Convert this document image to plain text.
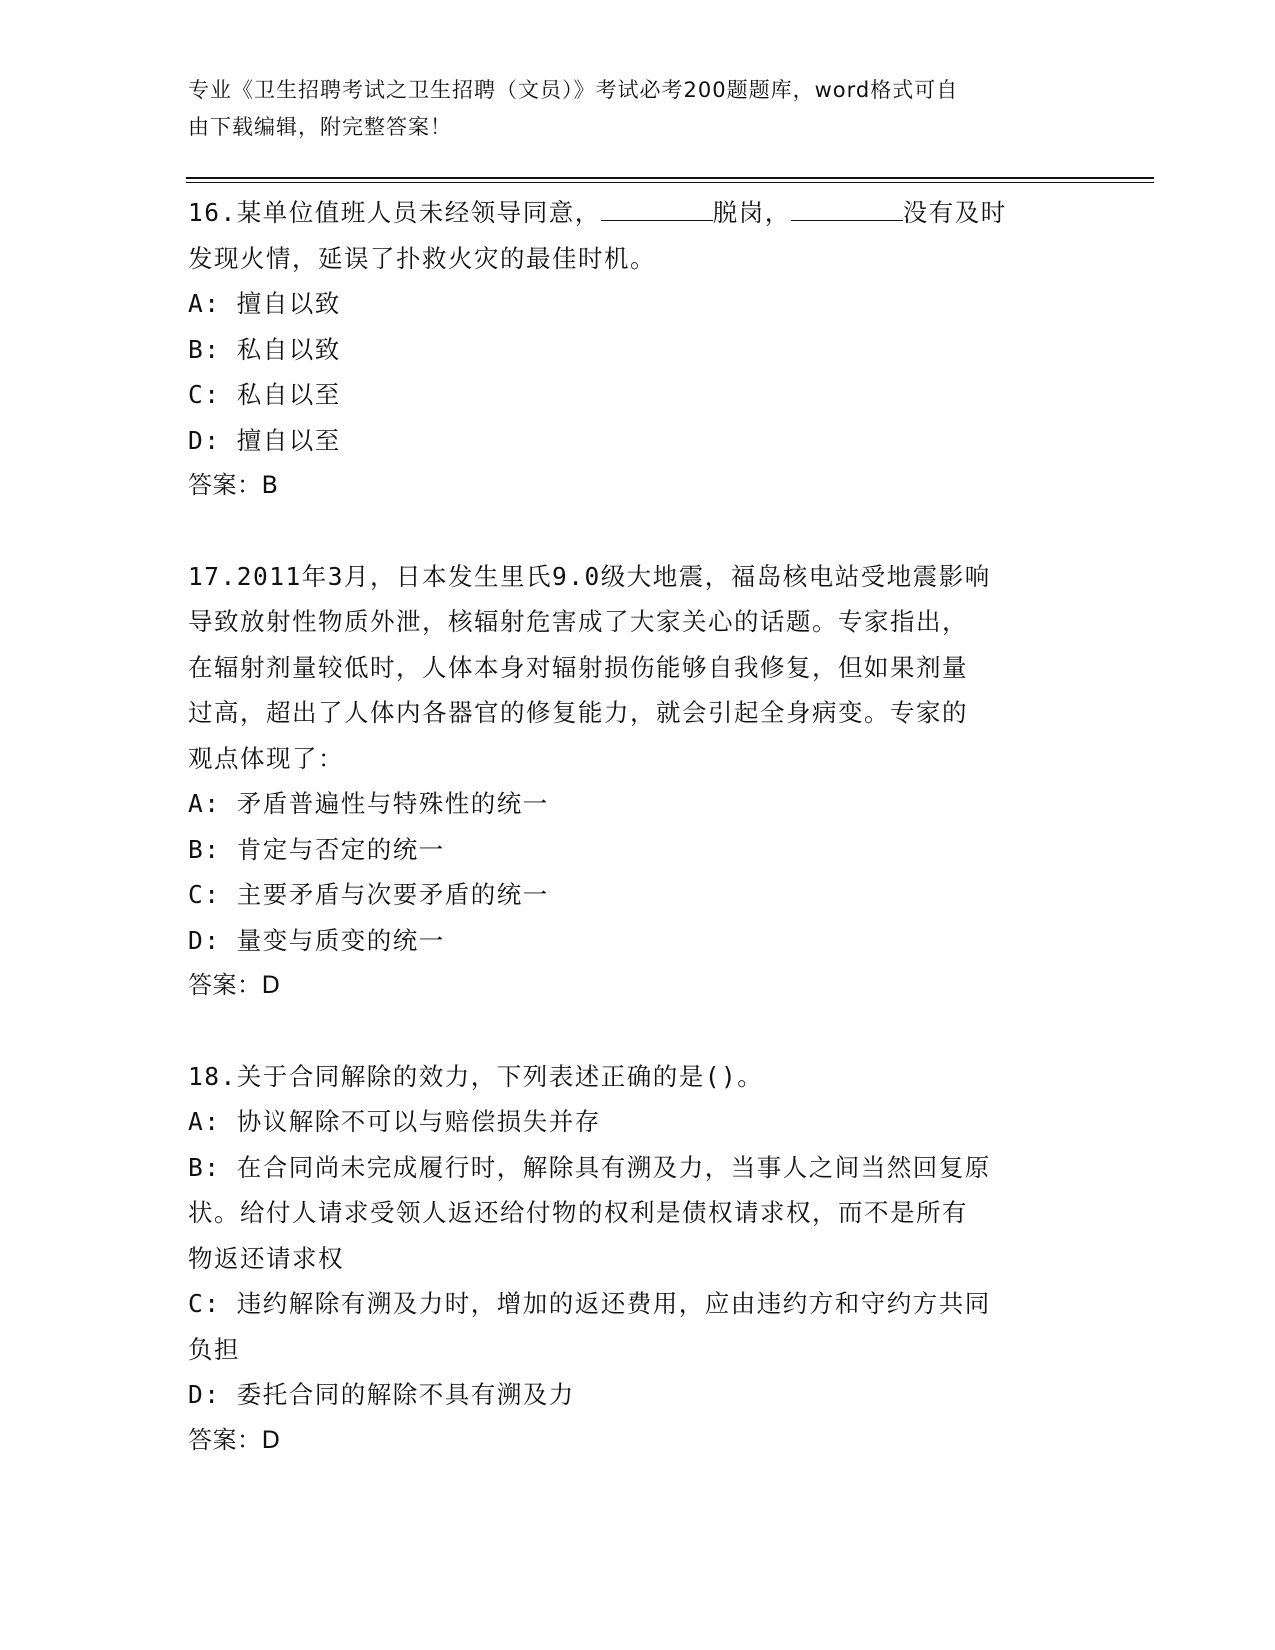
专业《卫生招聘考试之卫生招聘（文员）》考试必考200题题库，word格式可自
由下载编辑，附完整答案！
16.某单位值班人员未经领导同意，	脱岗，	没有及时
发现火情，延误了扑救火灾的最佳时机。
A: 擅自以致
B: 私自以致
C: 私自以至
D: 擅自以至
答案：B
17.2011年3月，日本发生里氏9.0级大地震，福岛核电站受地震影响
导致放射性物质外泄，核辐射危害成了大家关心的话题。专家指出，
在辐射剂量较低时，人体本身对辐射损伤能够自我修复，但如果剂量
过高，超出了人体内各器官的修复能力，就会引起全身病变。专家的
观点体现了：
A: 矛盾普遍性与特殊性的统一
B: 肯定与否定的统一
C: 主要矛盾与次要矛盾的统一
D: 量变与质变的统一
答案：D
18.关于合同解除的效力，下列表述正确的是()。
A: 协议解除不可以与赔偿损失并存
B: 在合同尚未完成履行时，解除具有溯及力，当事人之间当然回复原
状。给付人请求受领人返还给付物的权利是债权请求权，而不是所有
物返还请求权
C: 违约解除有溯及力时，增加的返还费用，应由违约方和守约方共同
负担
D: 委托合同的解除不具有溯及力
答案：D
